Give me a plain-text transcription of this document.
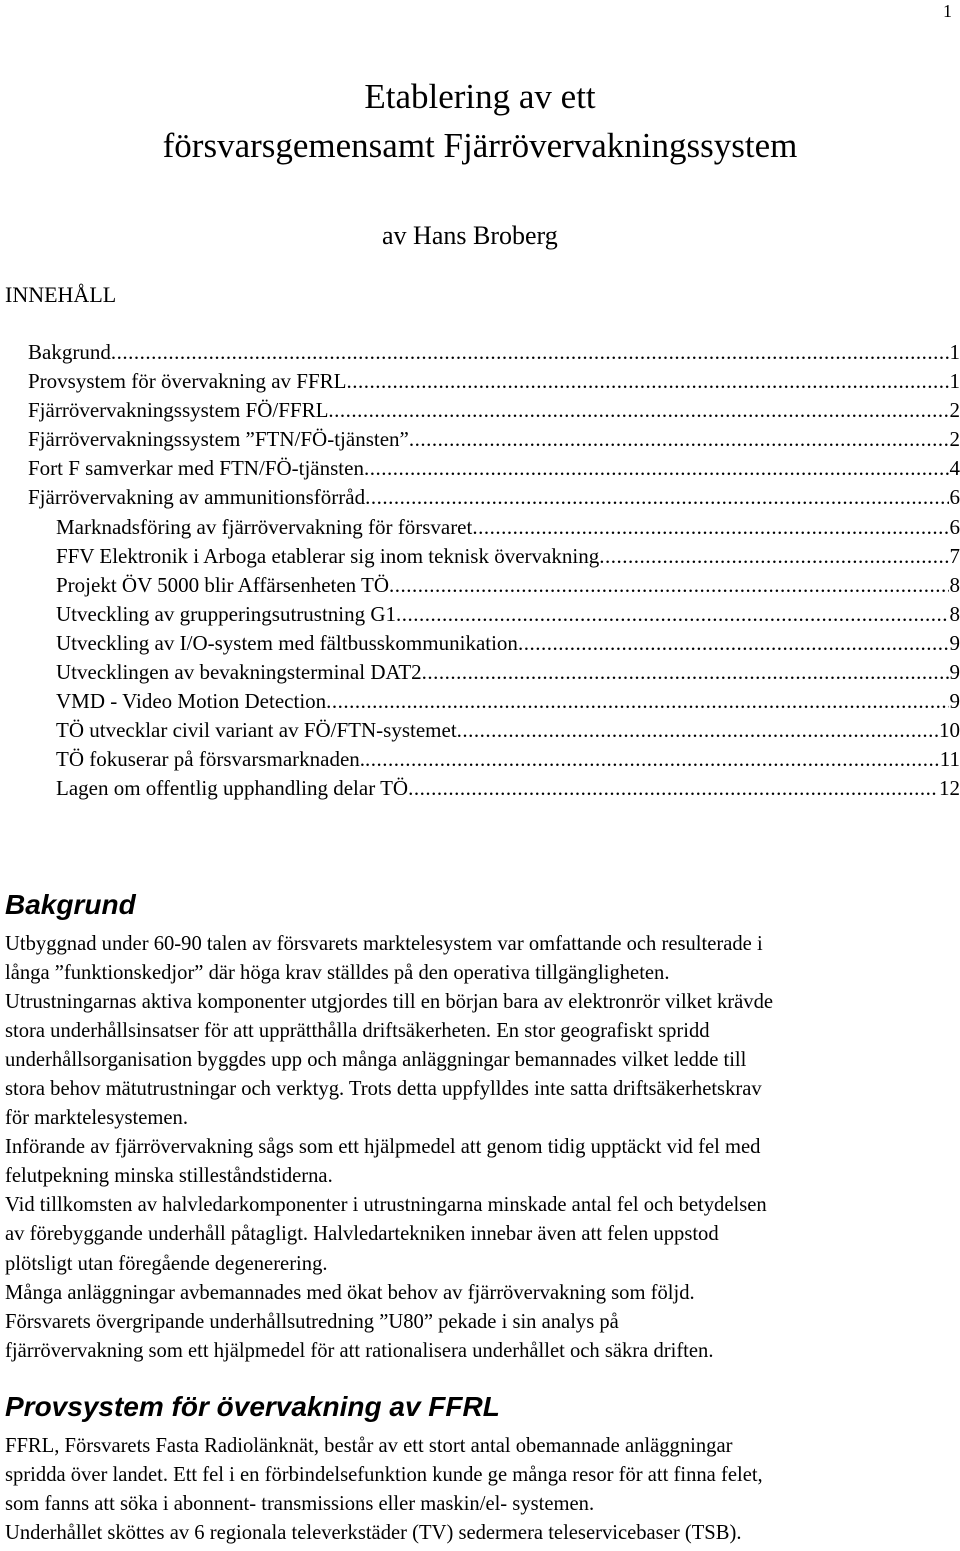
1
Etablering av ett
försvarsgemensamt Fjärrövervakningssystem
av Hans Broberg
INNEHÅLL
Bakgrund .....	1
Provsystem för övervakning av FFRL .....	1
Fjärrövervakningssystem FÖ/FFRL .....	2
Fjärrövervakningssystem ”FTN/FÖ-tjänsten” .....	2
Fort F samverkar med FTN/FÖ-tjänsten .....	4
Fjärrövervakning av ammunitionsförråd .....	6
Marknadsföring av fjärrövervakning för försvaret .....	6
FFV Elektronik i Arboga etablerar sig inom teknisk övervakning .....	7
Projekt ÖV 5000 blir Affärsenheten TÖ .....	8
Utveckling av grupperingsutrustning G1 .....	8
Utveckling av I/O-system med fältbusskommunikation .....	9
Utvecklingen av bevakningsterminal DAT2 .....	9
VMD - Video Motion Detection .....	9
TÖ utvecklar civil variant av FÖ/FTN-systemet .....	10
TÖ fokuserar på försvarsmarknaden. .....	11
Lagen om offentlig upphandling delar TÖ .....	12
Bakgrund

Utbyggnad under 60-90 talen av försvarets marktelesystem var omfattande och resulterade i

långa ”funktionskedjor” där höga krav ställdes på den operativa tillgängligheten.

Utrustningarnas aktiva komponenter utgjordes till en början bara av elektronrör vilket krävde

stora underhållsinsatser för att upprätthålla driftsäkerheten. En stor geografiskt spridd

underhållsorganisation byggdes upp och många anläggningar bemannades vilket ledde till

stora behov mätutrustningar och verktyg. Trots detta uppfylldes inte satta driftsäkerhetskrav

för marktelesystemen.

Införande av fjärrövervakning sågs som ett hjälpmedel att genom tidig upptäckt vid fel med

felutpekning minska stilleståndstiderna.

Vid tillkomsten av halvledarkomponenter i utrustningarna minskade antal fel och betydelsen

av förebyggande underhåll påtagligt. Halvledartekniken innebar även att felen uppstod

plötsligt utan föregående degenerering.

Många anläggningar avbemannades med ökat behov av fjärrövervakning som följd.

Försvarets övergripande underhållsutredning ”U80” pekade i sin analys på

fjärrövervakning som ett hjälpmedel för att rationalisera underhållet och säkra driften.

Provsystem för övervakning av FFRL

FFRL, Försvarets Fasta Radiolänknät, består av ett stort antal obemannade anläggningar

spridda över landet. Ett fel i en förbindelsefunktion kunde ge många resor för att finna felet,

som fanns att söka i abonnent- transmissions eller maskin/el- systemen.

Underhållet sköttes av 6 regionala televerkstäder (TV) sedermera teleservicebaser (TSB).
